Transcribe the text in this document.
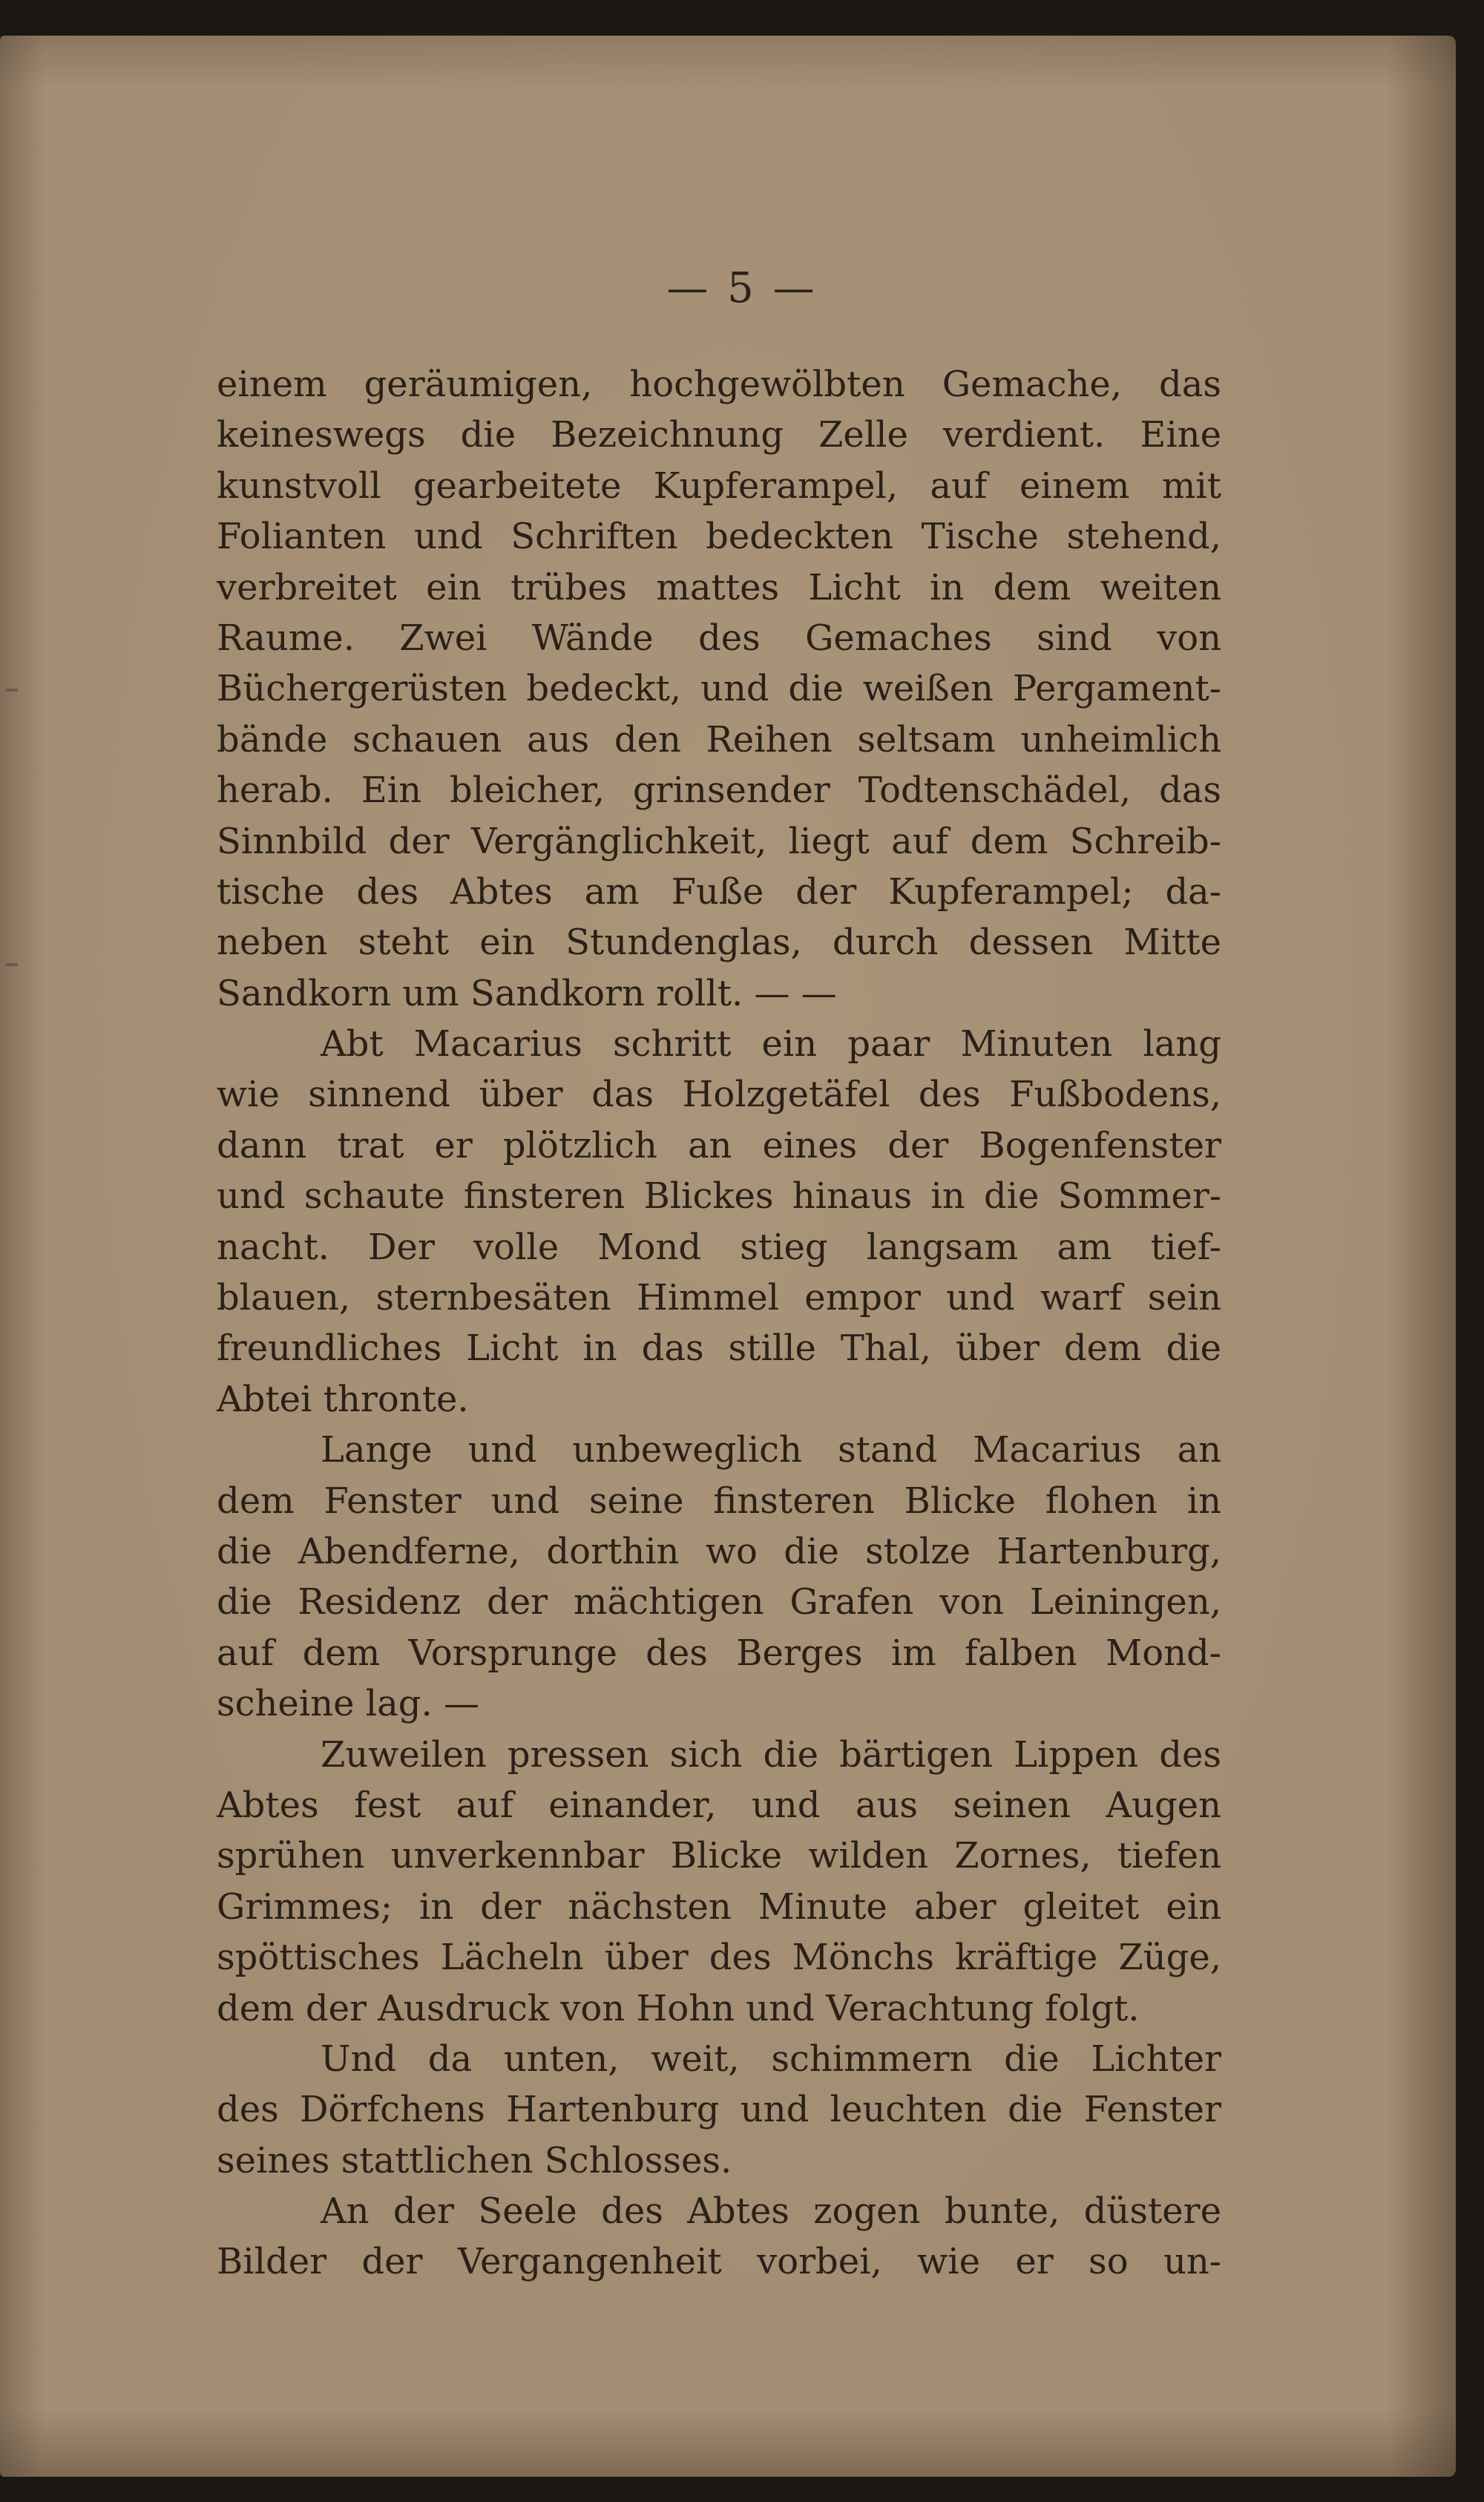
— 5 —
einem geräumigen, hochgewölbten Gemache, das
keineswegs die Bezeichnung Zelle verdient. Eine
kunstvoll gearbeitete Kupferampel, auf einem mit
Folianten und Schriften bedeckten Tische stehend,
verbreitet ein trübes mattes Licht in dem weiten
Raume. Zwei Wände des Gemaches sind von
Büchergerüsten bedeckt, und die weißen Pergament-
bände schauen aus den Reihen seltsam unheimlich
herab. Ein bleicher, grinsender Todtenschädel, das
Sinnbild der Vergänglichkeit, liegt auf dem Schreib-
tische des Abtes am Fuße der Kupferampel; da-
neben steht ein Stundenglas, durch dessen Mitte
Sandkorn um Sandkorn rollt. — —
Abt Macarius schritt ein paar Minuten lang
wie sinnend über das Holzgetäfel des Fußbodens,
dann trat er plötzlich an eines der Bogenfenster
und schaute finsteren Blickes hinaus in die Sommer-
nacht. Der volle Mond stieg langsam am tief-
blauen, sternbesäten Himmel empor und warf sein
freundliches Licht in das stille Thal, über dem die
Abtei thronte.
Lange und unbeweglich stand Macarius an
dem Fenster und seine finsteren Blicke flohen in
die Abendferne, dorthin wo die stolze Hartenburg,
die Residenz der mächtigen Grafen von Leiningen,
auf dem Vorsprunge des Berges im falben Mond-
scheine lag. —
Zuweilen pressen sich die bärtigen Lippen des
Abtes fest auf einander, und aus seinen Augen
sprühen unverkennbar Blicke wilden Zornes, tiefen
Grimmes; in der nächsten Minute aber gleitet ein
spöttisches Lächeln über des Mönchs kräftige Züge,
dem der Ausdruck von Hohn und Verachtung folgt.
Und da unten, weit, schimmern die Lichter
des Dörfchens Hartenburg und leuchten die Fenster
seines stattlichen Schlosses.
An der Seele des Abtes zogen bunte, düstere
Bilder der Vergangenheit vorbei, wie er so un-
